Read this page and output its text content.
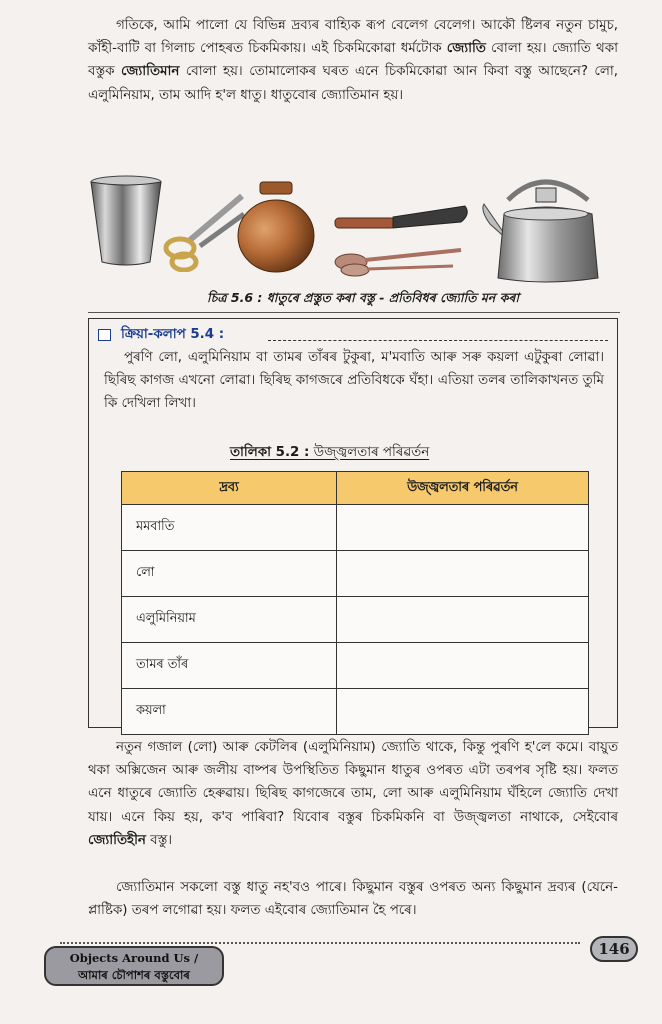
গতিকে, আমি পালো যে বিভিন্ন দ্ৰব্যৰ বাহ্যিক ৰূপ বেলেগ বেলেগ। আকৌ ষ্টিলৰ নতুন চামুচ, কাঁহী-বাটি বা গিলাচ পোহৰত চিকমিকায়। এই চিকমিকোৱা ধৰ্মটোক জ্যোতি বোলা হয়। জ্যোতি থকা বস্তুক জ্যোতিমান বোলা হয়। তোমালোকৰ ঘৰত এনে চিকমিকোৱা আন কিবা বস্তু আছেনে? লো, এলুমিনিয়াম, তাম আদি হ'ল ধাতু। ধাতুবোৰ জ্যোতিমান হয়।

চিত্ৰ 5.6 : ধাতুৰে প্ৰস্তুত কৰা বস্তু - প্ৰতিবিধৰ জ্যোতি মন কৰা
ক্ৰিয়া-কলাপ 5.4 :

পুৰণি লো, এলুমিনিয়াম বা তামৰ তাঁৰৰ টুকুৰা, ম'মবাতি আৰু সৰু কয়লা এটুকুৰা লোৱা। ছিৰিছ কাগজ এখনো লোৱা। ছিৰিছ কাগজৰে প্ৰতিবিধকে ঘঁহা। এতিয়া তলৰ তালিকাখনত তুমি কি দেখিলা লিখা।

তালিকা 5.2 : উজ্জ্বলতাৰ পৰিৱৰ্তন
দ্ৰব্য	উজ্জ্বলতাৰ পৰিৱৰ্তন
মমবাতি	
লো	
এলুমিনিয়াম	
তামৰ তাঁৰ	
কয়লা	

নতুন গজাল (লো) আৰু কেটলিৰ (এলুমিনিয়াম) জ্যোতি থাকে, কিন্তু পুৰণি হ'লে কমে। বায়ুত থকা অক্সিজেন আৰু জলীয় বাষ্পৰ উপস্থিতিত কিছুমান ধাতুৰ ওপৰত এটা তৰপৰ সৃষ্টি হয়। ফলত এনে ধাতুৰে জ্যোতি হেৰুৱায়। ছিৰিছ কাগজেৰে তাম, লো আৰু এলুমিনিয়াম ঘঁহিলে জ্যোতি দেখা যায়। এনে কিয় হয়, ক'ব পাৰিবা? যিবোৰ বস্তুৰ চিকমিকনি বা উজ্জ্বলতা নাথাকে, সেইবোৰ জ্যোতিহীন বস্তু।

জ্যোতিমান সকলো বস্তু ধাতু নহ'বও পাৰে। কিছুমান বস্তুৰ ওপৰত অন্য কিছুমান দ্ৰব্যৰ (যেনে- প্লাষ্টিক) তৰপ লগোৱা হয়। ফলত এইবোৰ জ্যোতিমান হৈ পৰে।

Objects Around Us /
আমাৰ চৌপাশৰ বস্তুবোৰ
146
